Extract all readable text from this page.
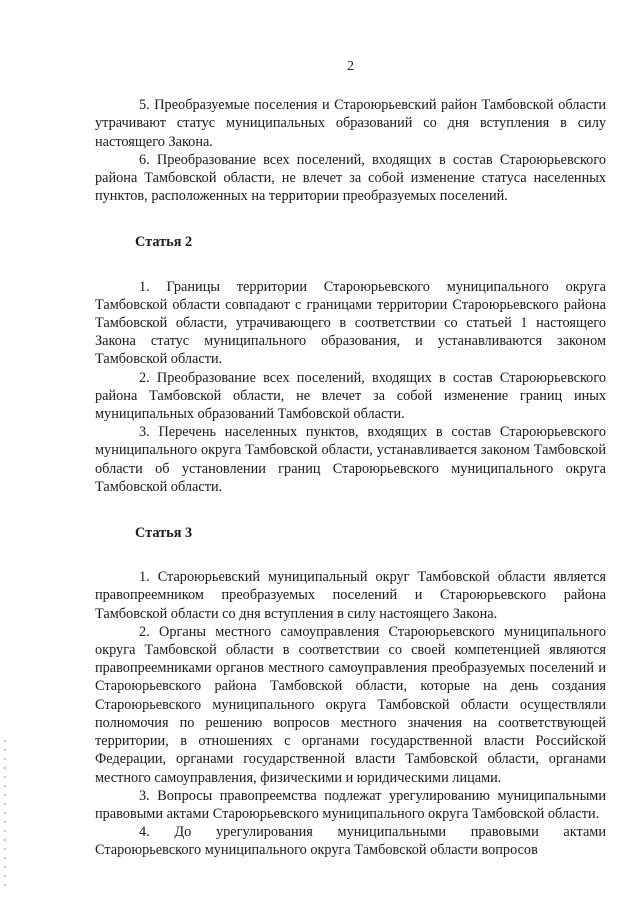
2

5. Преобразуемые поселения и Староюрьевский район Тамбовской области утрачивают статус муниципальных образований со дня вступления в силу настоящего Закона.

6. Преобразование всех поселений, входящих в состав Староюрьевского района Тамбовской области, не влечет за собой изменение статуса населенных пунктов, расположенных на территории преобразуемых поселений.

Статья 2

1. Границы территории Староюрьевского муниципального округа Тамбовской области совпадают с границами территории Староюрьевского района Тамбовской области, утрачивающего в соответствии со статьей 1 настоящего Закона статус муниципального образования, и устанавливаются законом Тамбовской области.

2. Преобразование всех поселений, входящих в состав Староюрьевского района Тамбовской области, не влечет за собой изменение границ иных муниципальных образований Тамбовской области.

3. Перечень населенных пунктов, входящих в состав Староюрьевского муниципального округа Тамбовской области, устанавливается законом Тамбовской области об установлении границ Староюрьевского муниципального округа Тамбовской области.

Статья 3

1. Староюрьевский муниципальный округ Тамбовской области является правопреемником преобразуемых поселений и Староюрьевского района Тамбовской области со дня вступления в силу настоящего Закона.

2. Органы местного самоуправления Староюрьевского муниципального округа Тамбовской области в соответствии со своей компетенцией являются правопреемниками органов местного самоуправления преобразуемых поселений и Староюрьевского района Тамбовской области, которые на день создания Староюрьевского муниципального округа Тамбовской области осуществляли полномочия по решению вопросов местного значения на соответствующей территории, в отношениях с органами государственной власти Российской Федерации, органами государственной власти Тамбовской области, органами местного самоуправления, физическими и юридическими лицами.

3. Вопросы правопреемства подлежат урегулированию муниципальными правовыми актами Староюрьевского муниципального округа Тамбовской области.

4. До урегулирования муниципальными правовыми актами Староюрьевского муниципального округа Тамбовской области вопросов
